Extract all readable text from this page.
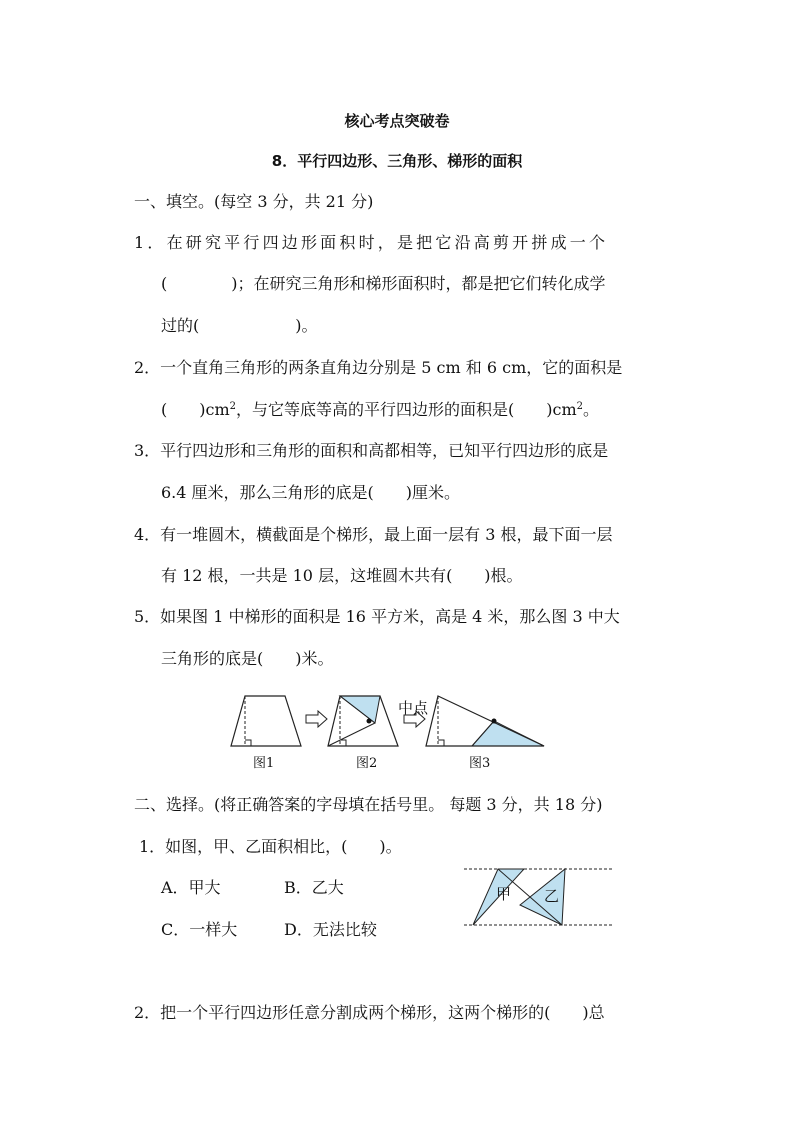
核心考点突破卷
8．平行四边形、三角形、梯形的面积
一、填空。(每空 3 分，共 21 分)
1．在研究平行四边形面积时，是把它沿高剪开拼成一个
(　　　　)；在研究三角形和梯形面积时，都是把它们转化成学
过的(　　　　　　)。
2．一个直角三角形的两条直角边分别是 5 cm 和 6 cm，它的面积是
(　　)$cm^2$，与它等底等高的平行四边形的面积是(　　)$cm^2$。
3．平行四边形和三角形的面积和高都相等，已知平行四边形的底是
6.4 厘米，那么三角形的底是(　　)厘米。
4．有一堆圆木，横截面是个梯形，最上面一层有 3 根，最下面一层
有 12 根，一共是 10 层，这堆圆木共有(　　)根。
5．如果图 1 中梯形的面积是 16 平方米，高是 4 米，那么图 3 中大
三角形的底是(　　)米。
中点
图1	图2	图3
二、选择。(将正确答案的字母填在括号里。 每题 3 分，共 18 分)
1．如图，甲、乙面积相比，(　　)。
A．甲大	B．乙大
C．一样大	D．无法比较
甲 乙
2．把一个平行四边形任意分割成两个梯形，这两个梯形的(　　)总
